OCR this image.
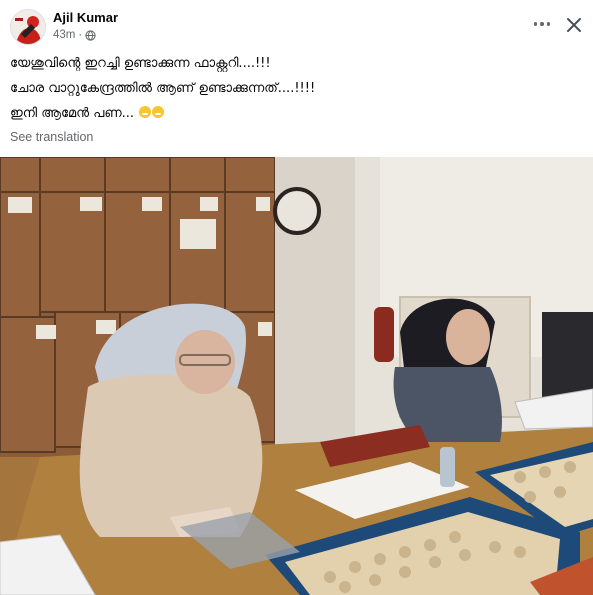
Ajil Kumar
43m ·
യേശുവിന്റെ ഇറച്ചി ഉണ്ടാക്കുന്ന ഫാക്റ്ററി....!!!
ചോര വാറ്റുകേന്ദ്രത്തിൽ ആണ് ഉണ്ടാക്കുന്നത്....!!!!
ഇനി ആമേൻ പണ...
See translation
